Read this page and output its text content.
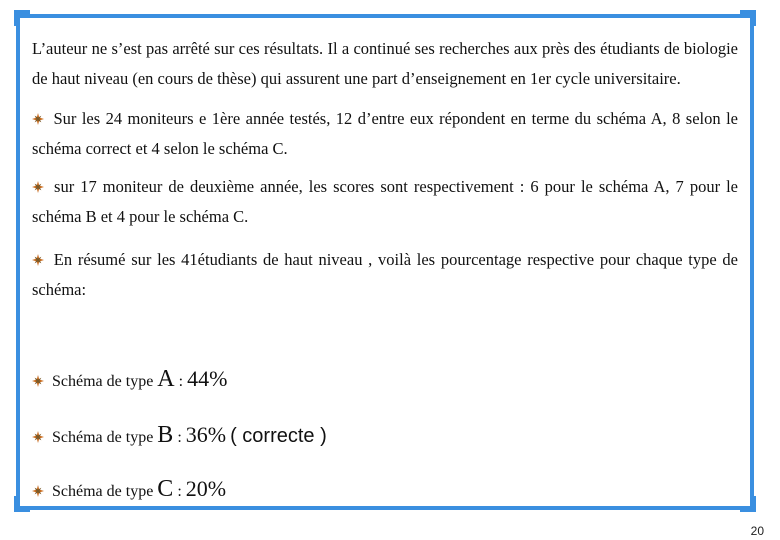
L’auteur ne s’est pas arrêté sur ces résultats. Il a continué ses recherches aux près des étudiants de biologie de haut niveau (en cours de thèse) qui assurent une part d’enseignement en 1er cycle universitaire.

Sur les 24 moniteurs e 1ère année testés, 12 d’entre eux répondent en terme du schéma A, 8 selon le schéma correct et 4 selon le schéma C.

sur 17 moniteur de deuxième année, les scores sont respectivement : 6 pour le schéma A, 7 pour le schéma B et 4 pour le schéma C.

En résumé sur les 41étudiants de haut niveau , voilà les pourcentage respective pour chaque type de schéma:

Schéma de type A : 44%
Schéma de type B : 36% ( correcte )
Schéma de type C : 20%
20
